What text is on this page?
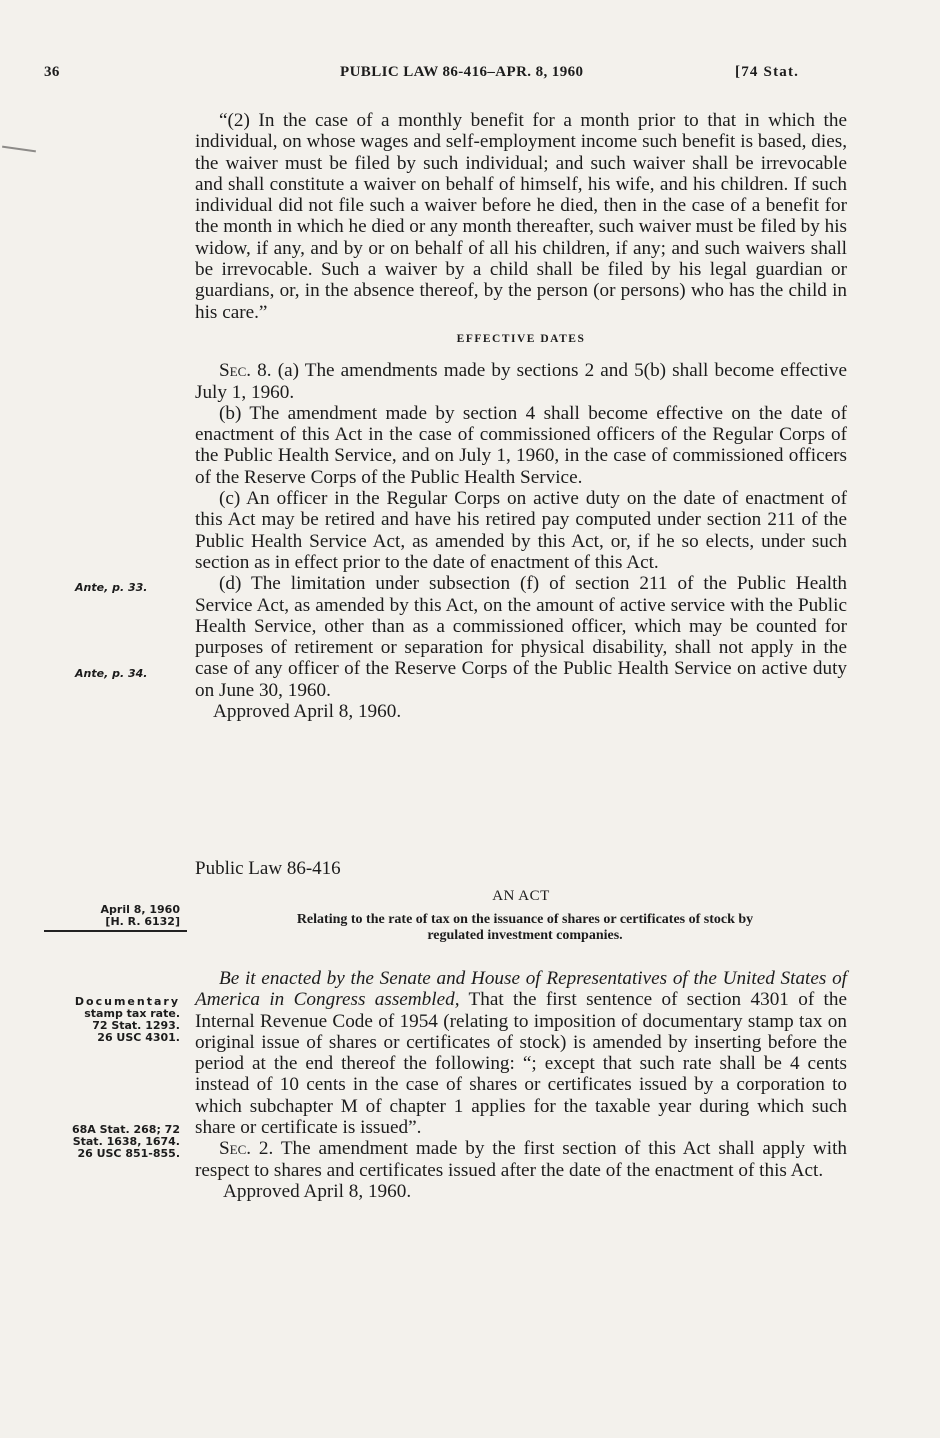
36	PUBLIC LAW 86-416–APR. 8, 1960	[74 Stat.

“(2) In the case of a monthly benefit for a month prior to that in which the individual, on whose wages and self-employment income such benefit is based, dies, the waiver must be filed by such individual; and such waiver shall be irrevocable and shall constitute a waiver on behalf of himself, his wife, and his children. If such individual did not file such a waiver before he died, then in the case of a benefit for the month in which he died or any month thereafter, such waiver must be filed by his widow, if any, and by or on behalf of all his children, if any; and such waivers shall be irrevocable. Such a waiver by a child shall be filed by his legal guardian or guardians, or, in the absence thereof, by the person (or persons) who has the child in his care.”

EFFECTIVE DATES

Sec. 8. (a) The amendments made by sections 2 and 5(b) shall become effective July 1, 1960.

(b) The amendment made by section 4 shall become effective on the date of enactment of this Act in the case of commissioned officers of the Regular Corps of the Public Health Service, and on July 1, 1960, in the case of commissioned officers of the Reserve Corps of the Public Health Service.

(c) An officer in the Regular Corps on active duty on the date of enactment of this Act may be retired and have his retired pay computed under section 211 of the Public Health Service Act, as amended by this Act, or, if he so elects, under such section as in effect prior to the date of enactment of this Act.

(d) The limitation under subsection (f) of section 211 of the Public Health Service Act, as amended by this Act, on the amount of active service with the Public Health Service, other than as a commissioned officer, which may be counted for purposes of retirement or separation for physical disability, shall not apply in the case of any officer of the Reserve Corps of the Public Health Service on active duty on June 30, 1960.

Approved April 8, 1960.

Ante, p. 33.
Ante, p. 34.
April 8, 1960
[H. R. 6132]
Public Law 86-416
AN ACT
Relating to the rate of tax on the issuance of shares or certificates of stock by
regulated investment companies.
Documentary
stamp tax rate.
72 Stat. 1293.
26 USC 4301.
68A Stat. 268; 72
Stat. 1638, 1674.
26 USC 851-855.

Be it enacted by the Senate and House of Representatives of the United States of America in Congress assembled, That the first sentence of section 4301 of the Internal Revenue Code of 1954 (relating to imposition of documentary stamp tax on original issue of shares or certificates of stock) is amended by inserting before the period at the end thereof the following: “; except that such rate shall be 4 cents instead of 10 cents in the case of shares or certificates issued by a corporation to which subchapter M of chapter 1 applies for the taxable year during which such share or certificate is issued”.

Sec. 2. The amendment made by the first section of this Act shall apply with respect to shares and certificates issued after the date of the enactment of this Act.

Approved April 8, 1960.
